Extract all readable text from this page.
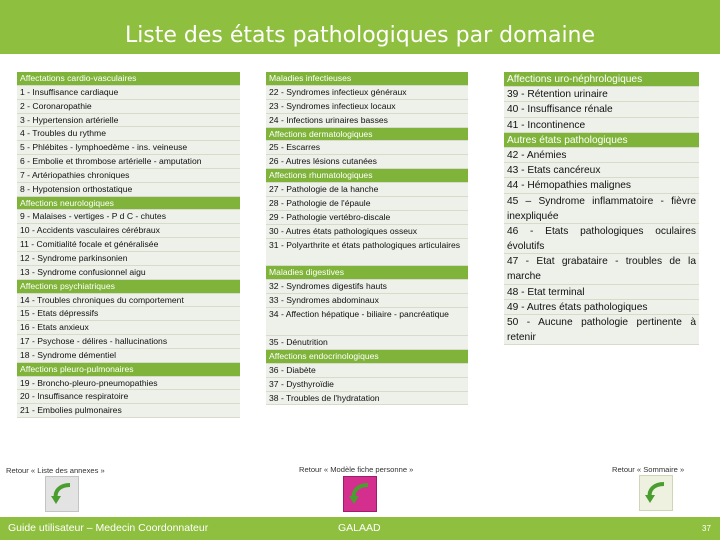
Liste des états pathologiques par domaine
Affectations cardio-vasculaires
1 - Insuffisance cardiaque
2 - Coronaropathie
3 - Hypertension artérielle
4 - Troubles du rythme
5 - Phlébites - lymphoedème - ins. veineuse
6 - Embolie et thrombose artérielle - amputation
7 - Artériopathies chroniques
8 - Hypotension orthostatique
Affections neurologiques
9 - Malaises - vertiges - P d C - chutes
10 - Accidents vasculaires cérébraux
11 - Comitialité focale et généralisée
12 - Syndrome parkinsonien
13 - Syndrome confusionnel aigu
Affections psychiatriques
14 - Troubles chroniques du comportement
15 - Etats dépressifs
16 - Etats anxieux
17 - Psychose - délires - hallucinations
18 - Syndrome démentiel
Affections pleuro-pulmonaires
19 - Broncho-pleuro-pneumopathies
20 - Insuffisance respiratoire
21 - Embolies pulmonaires
Maladies infectieuses
22 - Syndromes infectieux généraux
23 - Syndromes infectieux locaux
24 - Infections urinaires basses
Affections dermatologiques
25 - Escarres
26 - Autres lésions cutanées
Affections rhumatologiques
27 - Pathologie de la hanche
28 - Pathologie de l'épaule
29 - Pathologie vertébro-discale
30 - Autres états pathologiques osseux
31 - Polyarthrite et états pathologiques articulaires
Maladies digestives
32 - Syndromes digestifs hauts
33 - Syndromes abdominaux
34 - Affection hépatique - biliaire - pancréatique
35 - Dénutrition
Affections endocrinologiques
36 - Diabète
37 - Dysthyroïdie
38 - Troubles de l'hydratation
Affections uro-néphrologiques
39 - Rétention urinaire
40 - Insuffisance rénale
41 - Incontinence
Autres états pathologiques
42 - Anémies
43 - Etats cancéreux
44 - Hémopathies malignes
45 – Syndrome inflammatoire - fièvre inexpliquée
46 - Etats pathologiques oculaires évolutifs
47 - Etat grabataire - troubles de la marche
48 - Etat terminal
49 - Autres états pathologiques
50 - Aucune pathologie pertinente à retenir
Retour « Liste des annexes »	Retour « Modèle fiche personne »	Retour « Sommaire »
Guide utilisateur – Medecin Coordonnateur	GALAAD	37
